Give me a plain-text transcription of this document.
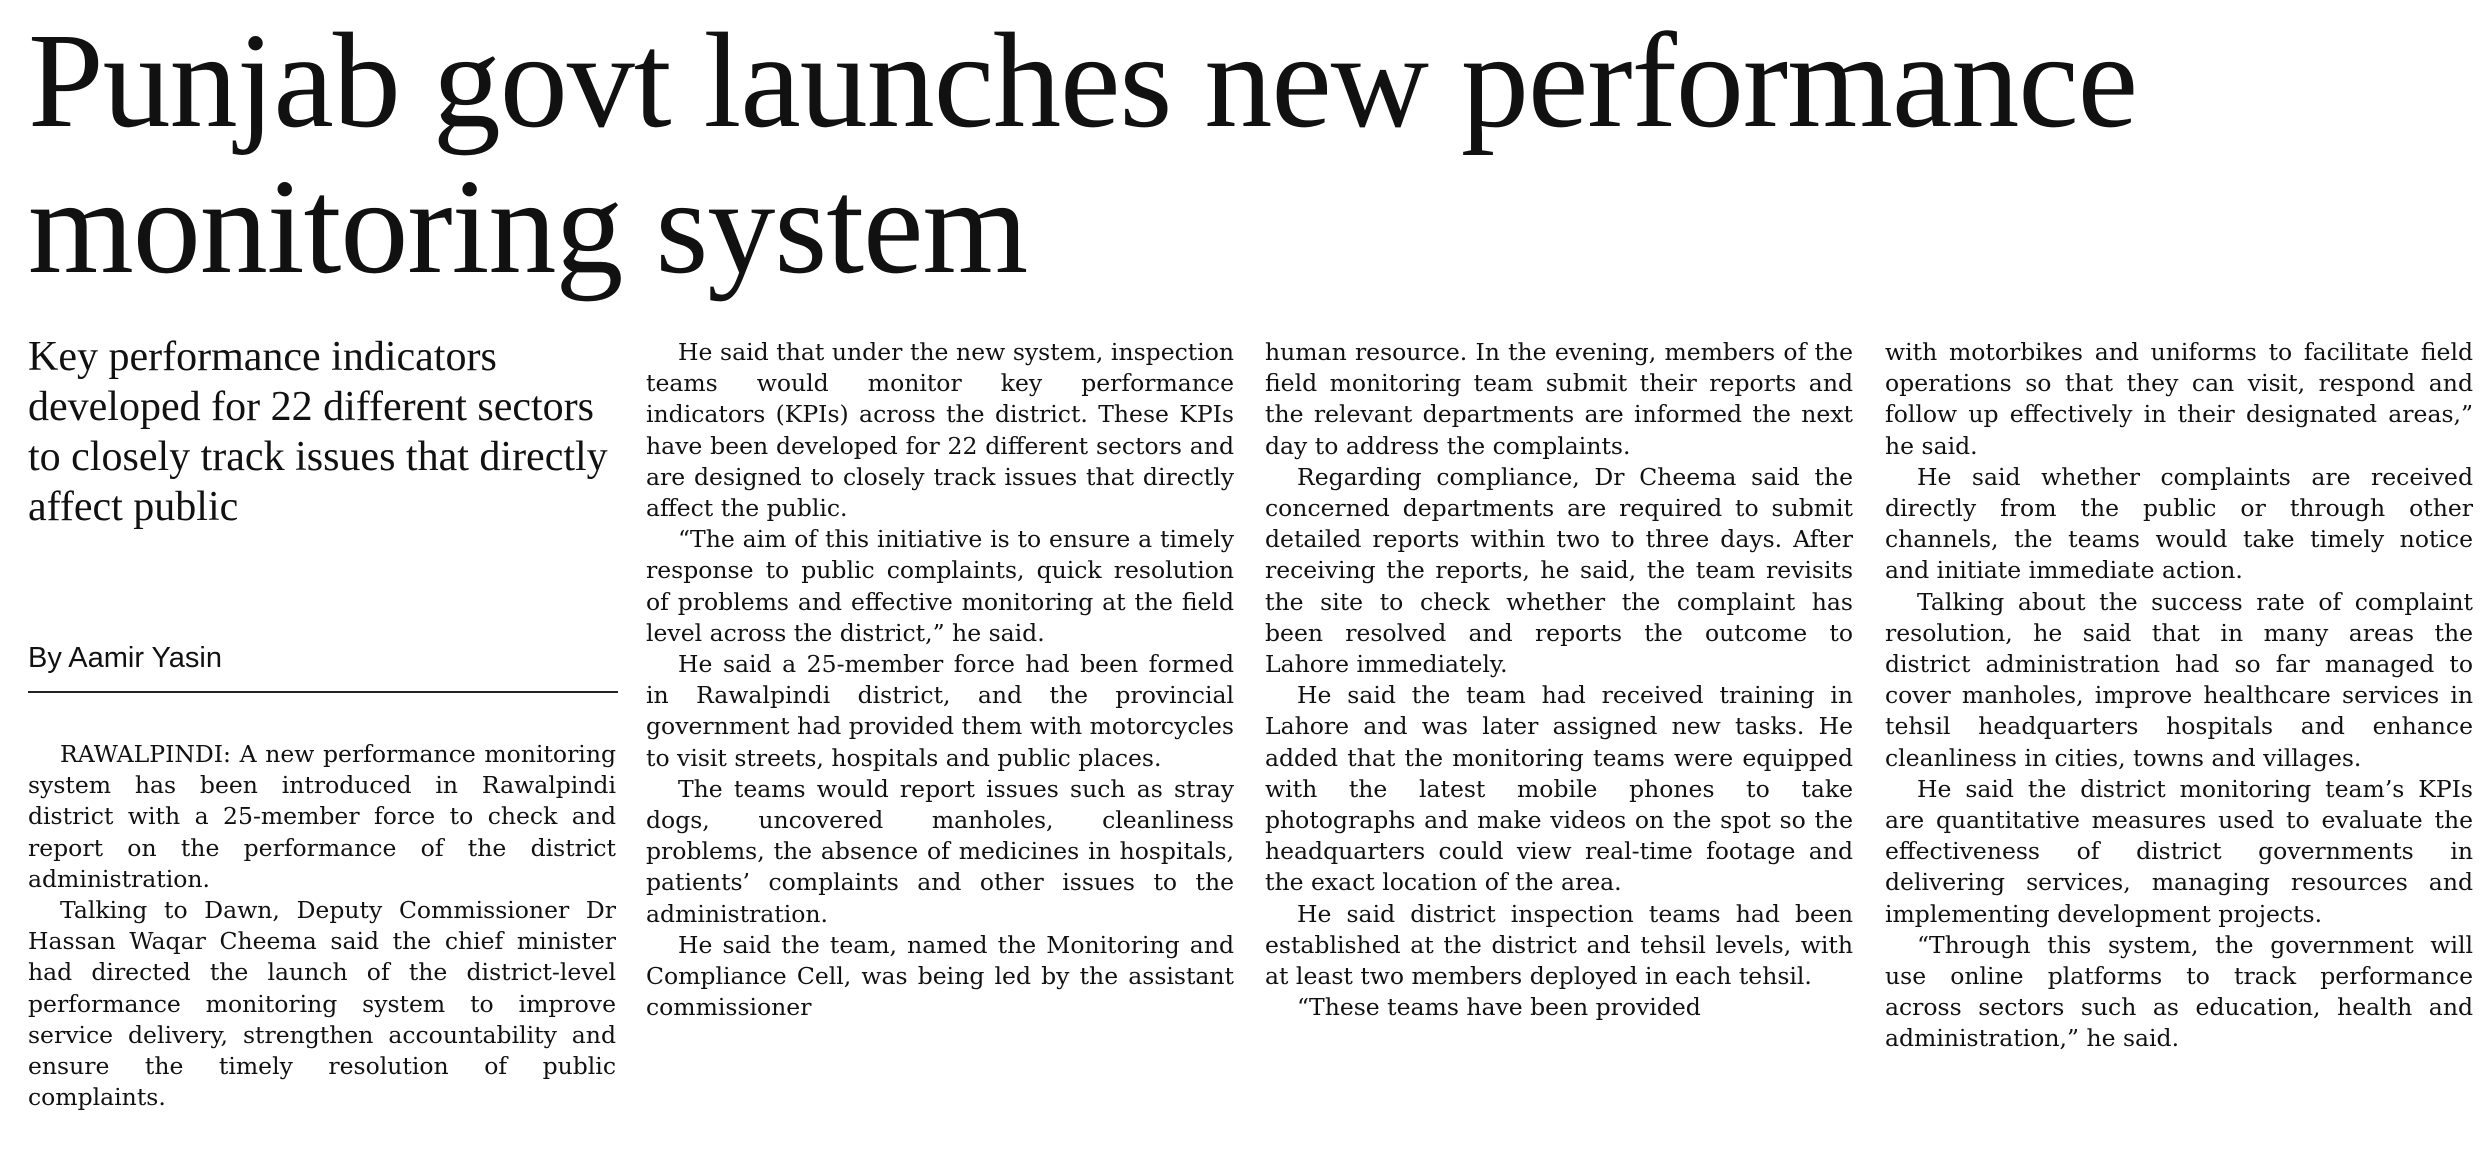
Punjab govt launches new performance monitoring system
Key performance indicators developed for 22 different sectors to closely track issues that directly affect public
By Aamir Yasin

RAWALPINDI: A new performance monitoring system has been introduced in Rawalpindi district with a 25-member force to check and report on the performance of the district administration.

Talking to Dawn, Deputy Commissioner Dr Hassan Waqar Cheema said the chief minister had directed the launch of the district-level performance monitoring system to improve service delivery, strengthen accountability and ensure the timely resolution of public complaints.

He said that under the new system, inspection teams would monitor key performance indicators (KPIs) across the district. These KPIs have been developed for 22 different sectors and are designed to closely track issues that directly affect the public.

“The aim of this initiative is to ensure a timely response to public complaints, quick resolution of problems and effective monitoring at the field level across the district,” he said.

He said a 25-member force had been formed in Rawalpindi district, and the provincial government had provided them with motorcycles to visit streets, hospitals and public places.

The teams would report issues such as stray dogs, uncovered manholes, cleanliness problems, the absence of medicines in hospitals, patients’ complaints and other issues to the administration.

He said the team, named the Monitoring and Compliance Cell, was being led by the assistant commissioner

human resource. In the evening, members of the field monitoring team submit their reports and the relevant departments are informed the next day to address the complaints.

Regarding compliance, Dr Cheema said the concerned departments are required to submit detailed reports within two to three days. After receiving the reports, he said, the team revisits the site to check whether the complaint has been resolved and reports the outcome to Lahore immediately.

He said the team had received training in Lahore and was later assigned new tasks. He added that the monitoring teams were equipped with the latest mobile phones to take photographs and make videos on the spot so the headquarters could view real-time footage and the exact location of the area.

He said district inspection teams had been established at the district and tehsil levels, with at least two members deployed in each tehsil.

“These teams have been provided

with motorbikes and uniforms to facilitate field operations so that they can visit, respond and follow up effectively in their designated areas,” he said.

He said whether complaints are received directly from the public or through other channels, the teams would take timely notice and initiate immediate action.

Talking about the success rate of complaint resolution, he said that in many areas the district administration had so far managed to cover manholes, improve healthcare services in tehsil headquarters hospitals and enhance cleanliness in cities, towns and villages.

He said the district monitoring team’s KPIs are quantitative measures used to evaluate the effectiveness of district governments in delivering services, managing resources and implementing development projects.

“Through this system, the government will use online platforms to track performance across sectors such as education, health and administration,” he said.
